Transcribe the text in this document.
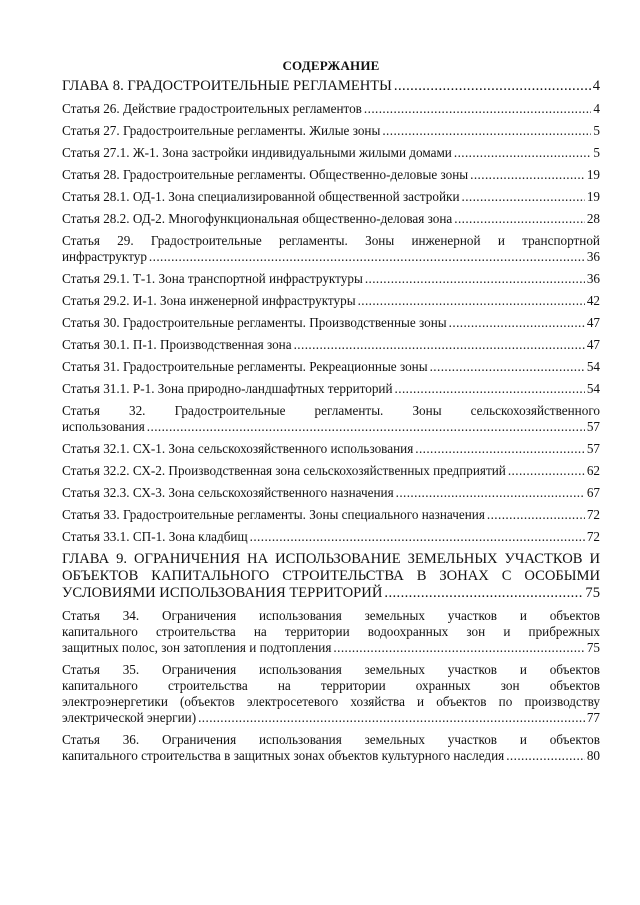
СОДЕРЖАНИЕ
ГЛАВА 8. ГРАДОСТРОИТЕЛЬНЫЕ РЕГЛАМЕНТЫ .....	4
Статья 26. Действие градостроительных регламентов .....	4
Статья 27. Градостроительные регламенты. Жилые зоны .....	5
Статья 27.1. Ж-1. Зона застройки индивидуальными жилыми домами .....	5
Статья 28. Градостроительные регламенты. Общественно-деловые зоны .....	19
Статья 28.1. ОД-1. Зона специализированной общественной застройки .....	19
Статья 28.2. ОД-2. Многофункциональная общественно-деловая зона .....	28
Статья 29. Градостроительные регламенты. Зоны инженерной и транспортной
инфраструктур .....	36
Статья 29.1. Т-1. Зона транспортной инфраструктуры .....	36
Статья 29.2. И-1. Зона инженерной инфраструктуры .....	42
Статья 30. Градостроительные регламенты. Производственные зоны .....	47
Статья 30.1. П-1. Производственная зона .....	47
Статья 31. Градостроительные регламенты. Рекреационные зоны .....	54
Статья 31.1. Р-1. Зона природно-ландшафтных территорий .....	54
Статья 32. Градостроительные регламенты. Зоны сельскохозяйственного
использования .....	57
Статья 32.1. СХ-1. Зона сельскохозяйственного использования .....	57
Статья 32.2. СХ-2. Производственная зона сельскохозяйственных предприятий .....	62
Статья 32.3. СХ-3. Зона сельскохозяйственного назначения .....	67
Статья 33. Градостроительные регламенты. Зоны специального назначения .....	72
Статья 33.1. СП-1. Зона кладбищ .....	72
ГЛАВА 9. ОГРАНИЧЕНИЯ НА ИСПОЛЬЗОВАНИЕ ЗЕМЕЛЬНЫХ УЧАСТКОВ И
ОБЪЕКТОВ КАПИТАЛЬНОГО СТРОИТЕЛЬСТВА В ЗОНАХ С ОСОБЫМИ
УСЛОВИЯМИ ИСПОЛЬЗОВАНИЯ ТЕРРИТОРИЙ .....	75
Статья 34. Ограничения использования земельных участков и объектов
капитального строительства на территории водоохранных зон и прибрежных
защитных полос, зон затопления и подтопления .....	75
Статья 35. Ограничения использования земельных участков и объектов
капитального строительства на территории охранных зон объектов
электроэнергетики (объектов электросетевого хозяйства и объектов по производству
электрической энергии) .....	77
Статья 36. Ограничения использования земельных участков и объектов
капитального строительства в защитных зонах объектов культурного наследия .....	80
